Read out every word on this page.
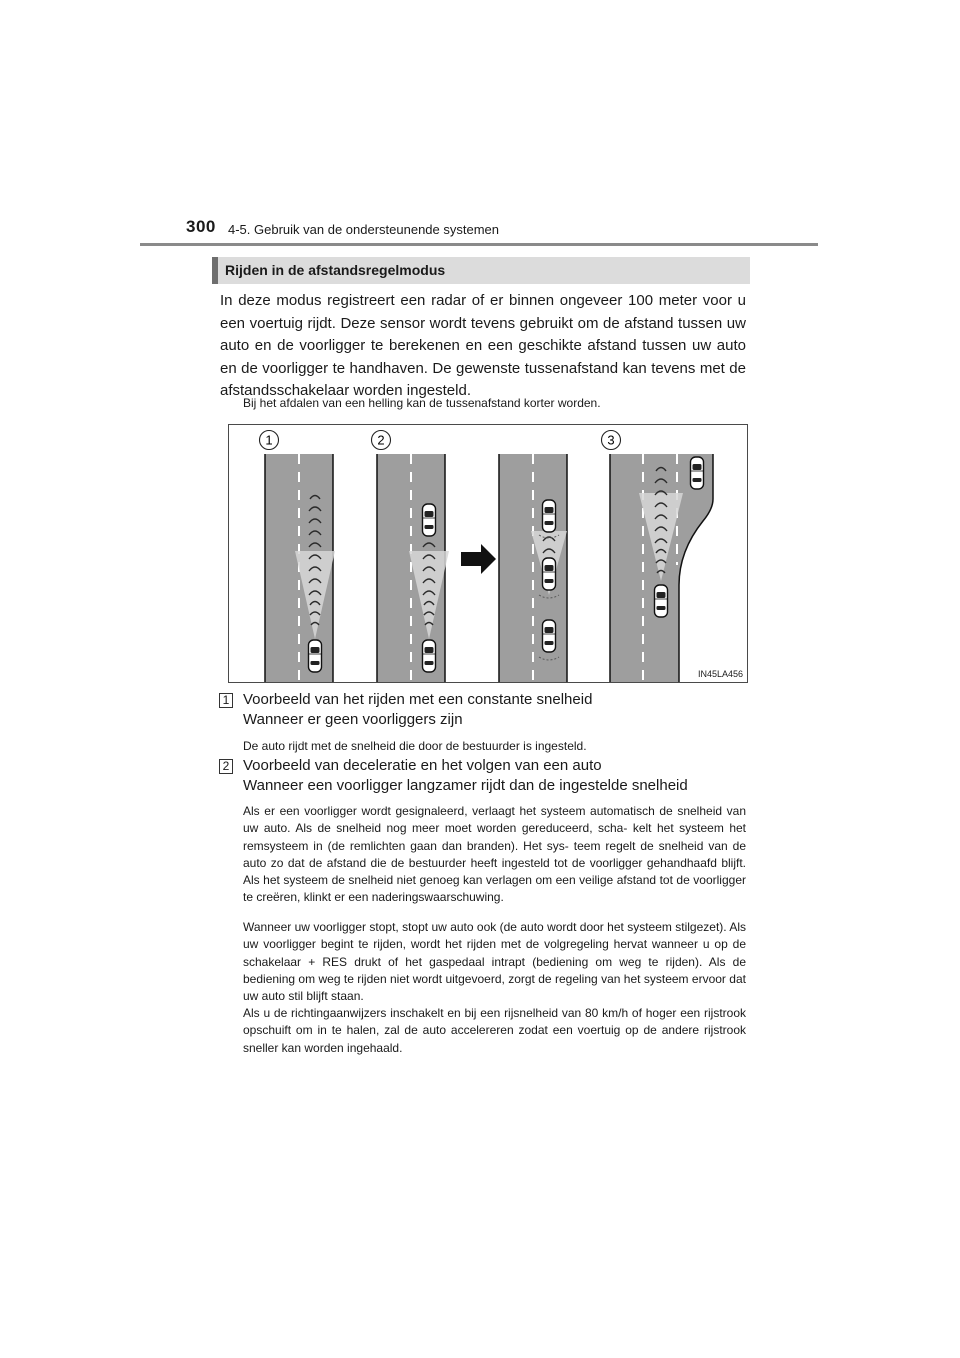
300 4-5. Gebruik van de ondersteunende systemen
Rijden in de afstandsregelmodus

In deze modus registreert een radar of er binnen ongeveer 100 meter voor u een voertuig rijdt. Deze sensor wordt tevens gebruikt om de afstand tussen uw auto en de voorligger te berekenen en een geschikte afstand tussen uw auto en de voorligger te handhaven. De gewenste tussenafstand kan tevens met de afstandsschakelaar worden ingesteld.

Bij het afdalen van een helling kan de tussenafstand korter worden.

1	2	3
IN45LA456
1 Voorbeeld van het rijden met een constante snelheid
Wanneer er geen voorliggers zijn

De auto rijdt met de snelheid die door de bestuurder is ingesteld.

2 Voorbeeld van deceleratie en het volgen van een auto
Wanneer een voorligger langzamer rijdt dan de ingestelde snelheid

Als er een voorligger wordt gesignaleerd, verlaagt het systeem automatisch de snelheid van uw auto. Als de snelheid nog meer moet worden gereduceerd, scha- kelt het systeem het remsysteem in (de remlichten gaan dan branden). Het sys- teem regelt de snelheid van de auto zo dat de afstand die de bestuurder heeft ingesteld tot de voorligger gehandhaafd blijft. Als het systeem de snelheid niet genoeg kan verlagen om een veilige afstand tot de voorligger te creëren, klinkt er een naderingswaarschuwing.

Wanneer uw voorligger stopt, stopt uw auto ook (de auto wordt door het systeem stilgezet). Als uw voorligger begint te rijden, wordt het rijden met de volgregeling hervat wanneer u op de schakelaar + RES drukt of het gaspedaal intrapt (bediening om weg te rijden). Als de bediening om weg te rijden niet wordt uitgevoerd, zorgt de regeling van het systeem ervoor dat uw auto stil blijft staan.

Als u de richtingaanwijzers inschakelt en bij een rijsnelheid van 80 km/h of hoger een rijstrook opschuift om in te halen, zal de auto accelereren zodat een voertuig op de andere rijstrook sneller kan worden ingehaald.
